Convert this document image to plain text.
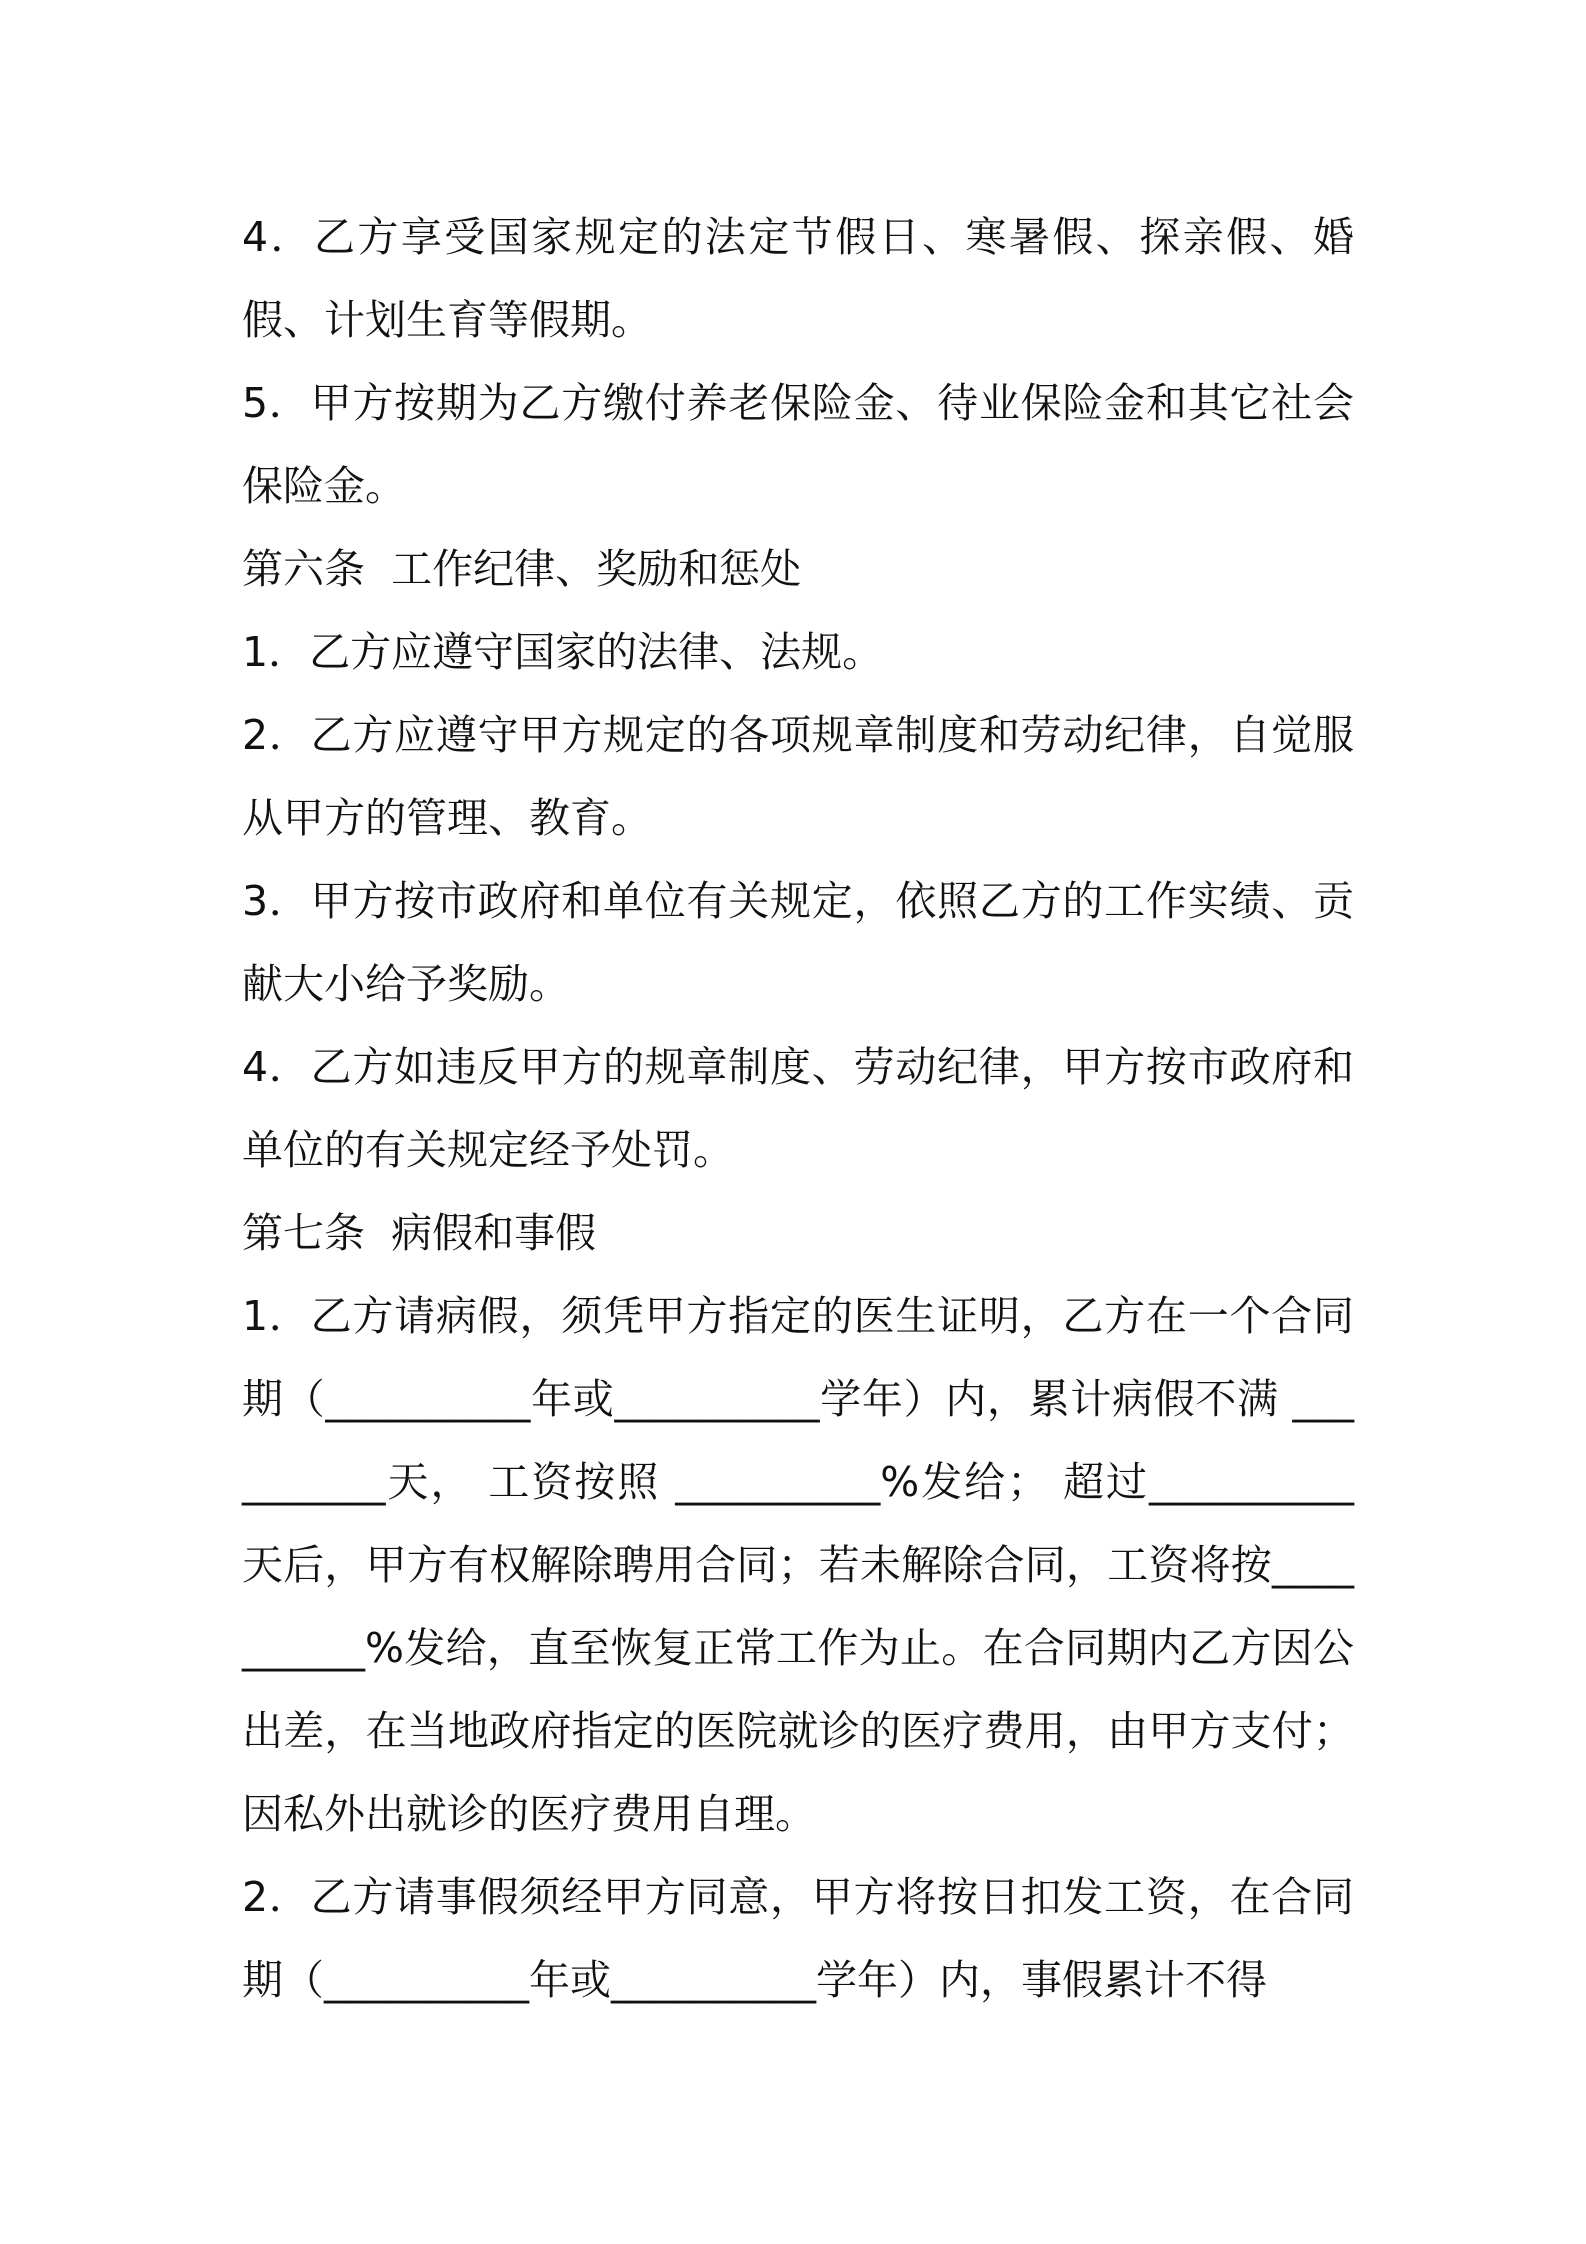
4．乙方享受国家规定的法定节假日、寒暑假、探亲假、婚假、计划生育等假期。

5．甲方按期为乙方缴付养老保险金、待业保险金和其它社会保险金。

第六条  工作纪律、奖励和惩处

1．乙方应遵守国家的法律、法规。

2．乙方应遵守甲方规定的各项规章制度和劳动纪律，自觉服从甲方的管理、教育。

3．甲方按市政府和单位有关规定，依照乙方的工作实绩、贡献大小给予奖励。

4．乙方如违反甲方的规章制度、劳动纪律，甲方按市政府和单位的有关规定经予处罚。

第七条  病假和事假

1．乙方请病假，须凭甲方指定的医生证明，乙方在一个合同期（__________年或__________学年）内，累计病假不满 __________天， 工资按照 __________%发给； 超过__________天后，甲方有权解除聘用合同；若未解除合同，工资将按__________%发给，直至恢复正常工作为止。在合同期内乙方因公出差，在当地政府指定的医院就诊的医疗费用，由甲方支付；因私外出就诊的医疗费用自理。

2．乙方请事假须经甲方同意，甲方将按日扣发工资，在合同期（__________年或__________学年）内，事假累计不得
